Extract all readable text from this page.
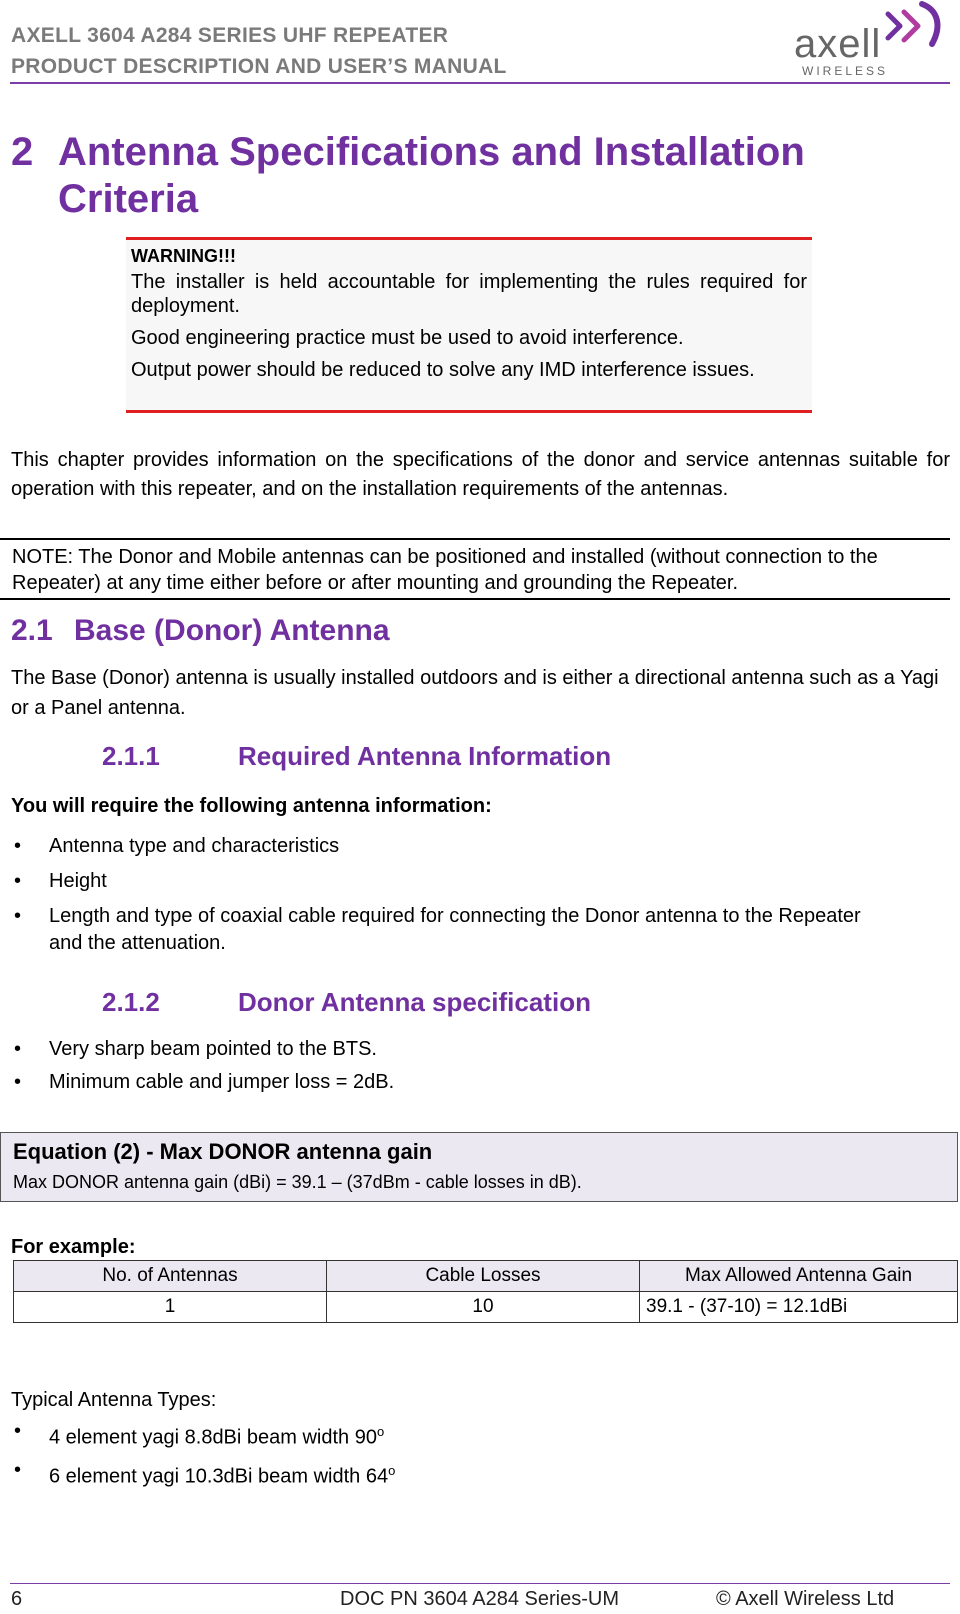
AXELL 3604 A284 SERIES UHF REPEATER
PRODUCT DESCRIPTION AND USER’S MANUAL
axell
WIRELESS
2 Antenna Specifications and Installation
Criteria

WARNING!!!

The installer is held accountable for implementing the rules required for deployment.

Good engineering practice must be used to avoid interference.

Output power should be reduced to solve any IMD interference issues.

This chapter provides information on the specifications of the donor and service antennas suitable for operation with this repeater, and on the installation requirements of the antennas.
NOTE: The Donor and Mobile antennas can be positioned and installed (without connection to the Repeater) at any time either before or after mounting and grounding the Repeater.
2.1 Base (Donor) Antenna
The Base (Donor) antenna is usually installed outdoors and is either a directional antenna such as a Yagi or a Panel antenna.
2.1.1	Required Antenna Information
You will require the following antenna information:
• Antenna type and characteristics
• Height
• Length and type of coaxial cable required for connecting the Donor antenna to the Repeater and the attenuation.
2.1.2	Donor Antenna specification
• Very sharp beam pointed to the BTS.
• Minimum cable and jumper loss = 2dB.
Equation (2) - Max DONOR antenna gain
Max DONOR antenna gain (dBi) = 39.1 – (37dBm - cable losses in dB).
For example:
No. of Antennas	Cable Losses	Max Allowed Antenna Gain
1	10	39.1 - (37-10) = 12.1dBi
Typical Antenna Types:
• 4 element yagi 8.8dBi beam width 90$^o$
• 6 element yagi 10.3dBi beam width 64$^o$
6	DOC PN 3604 A284 Series-UM	© Axell Wireless Ltd
